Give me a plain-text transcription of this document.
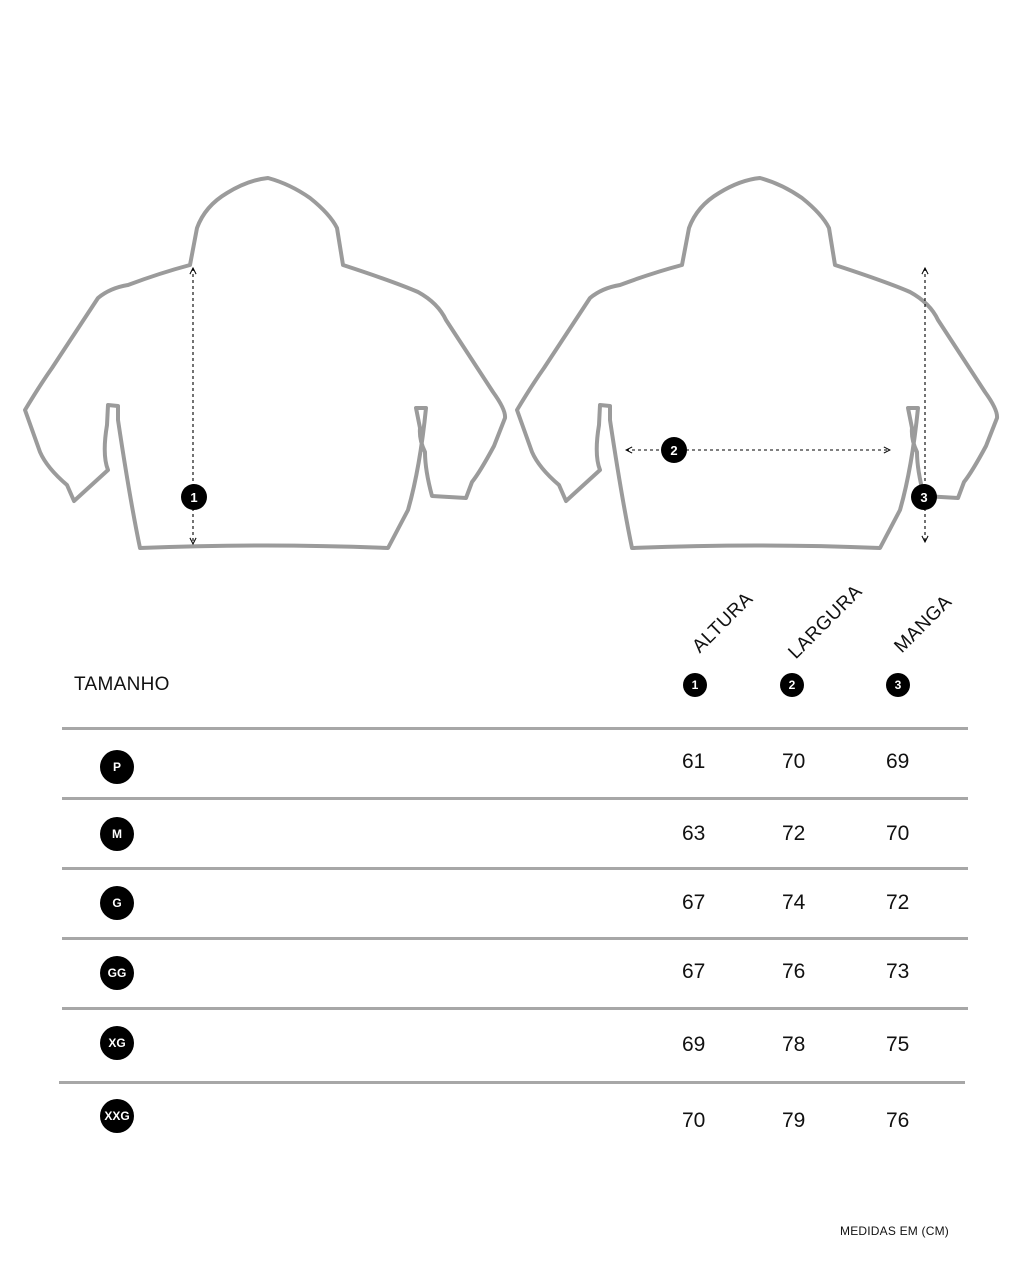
1
2
3
TAMANHO
ALTURA LARGURA MANGA
1	2	3
P	61	70	69
M	63	72	70
G	67	74	72
GG	67	76	73
XG	69	78	75
XXG	70	79	76
MEDIDAS EM (CM)
